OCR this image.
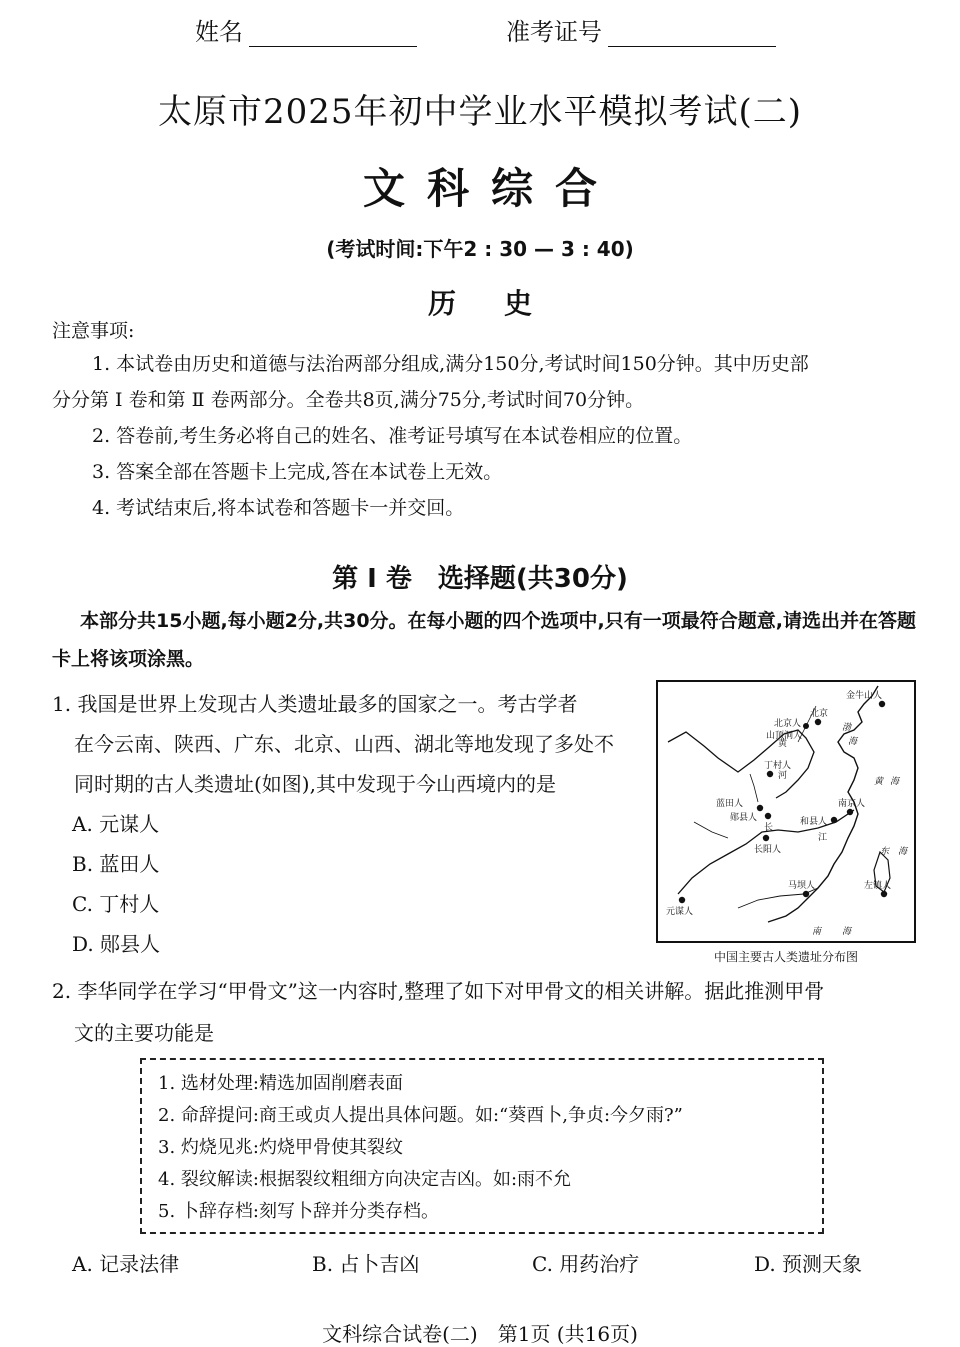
姓名	准考证号
太原市2025年初中学业水平模拟考试(二)
文科综合
(考试时间:下午2 : 30 — 3 : 40)
历史
注意事项:
1. 本试卷由历史和道德与法治两部分组成,满分150分,考试时间150分钟。其中历史部
分分第 Ⅰ 卷和第 Ⅱ 卷两部分。全卷共8页,满分75分,考试时间70分钟。
2. 答卷前,考生务必将自己的姓名、准考证号填写在本试卷相应的位置。
3. 答案全部在答题卡上完成,答在本试卷上无效。
4. 考试结束后,将本试卷和答题卡一并交回。
第 Ⅰ 卷　选择题(共30分)
本部分共15小题,每小题2分,共30分。在每小题的四个选项中,只有一项最符合题意,请选出并在答题卡上将该项涂黑。
1. 我国是世界上发现古人类遗址最多的国家之一。考古学者
在今云南、陕西、广东、北京、山西、湖北等地发现了多处不
同时期的古人类遗址(如图),其中发现于今山西境内的是
A. 元谋人
B. 蓝田人
C. 丁村人
D. 郧县人
金牛山人
北京
北京人
山顶洞人
丁村人
蓝田人
郧县人	和县人
南京人
长阳人
马坝人	左镇人
元谋人
渤
海
黄
河
黄 海
长
江
东 海
南 海
中国主要古人类遗址分布图
2. 李华同学在学习“甲骨文”这一内容时,整理了如下对甲骨文的相关讲解。据此推测甲骨
文的主要功能是
1. 选材处理:精选加固削磨表面
2. 命辞提问:商王或贞人提出具体问题。如:“葵酉卜,争贞:今夕雨?”
3. 灼烧见兆:灼烧甲骨使其裂纹
4. 裂纹解读:根据裂纹粗细方向决定吉凶。如:雨不允
5. 卜辞存档:刻写卜辞并分类存档。
A. 记录法律	B. 占卜吉凶	C. 用药治疗	D. 预测天象
文科综合试卷(二)　第1页 (共16页)
